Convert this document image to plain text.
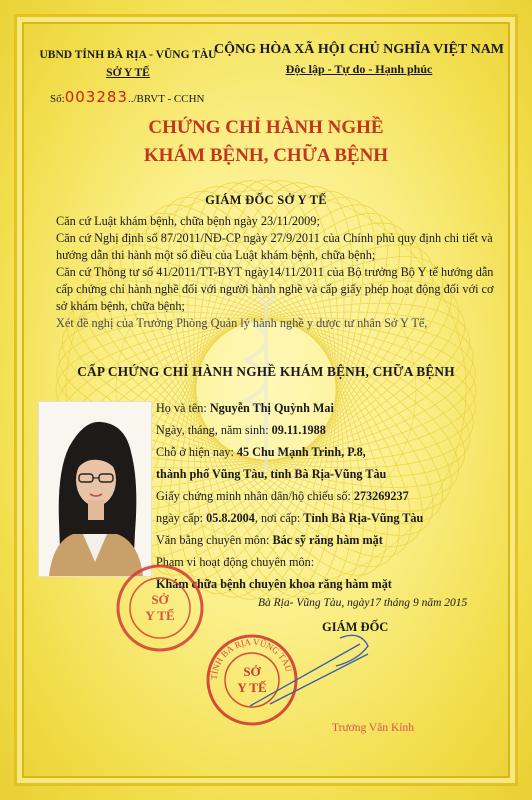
UBND TỈNH BÀ RỊA - VŨNG TÀU
SỞ Y TẾ
CỘNG HÒA XÃ HỘI CHỦ NGHĨA VIỆT NAM
Độc lập - Tự do - Hạnh phúc
Số:003283../BRVT - CCHN
CHỨNG CHỈ HÀNH NGHỀ
KHÁM BỆNH, CHỮA BỆNH
GIÁM ĐỐC SỞ Y TẾ

Căn cứ Luật khám bệnh, chữa bệnh ngày 23/11/2009;

Căn cứ Nghị định số 87/2011/NĐ-CP ngày 27/9/2011 của Chính phủ quy định chi tiết và hướng dẫn thi hành một số điều của Luật khám bệnh, chữa bệnh;

Căn cứ Thông tư số 41/2011/TT-BYT ngày14/11/2011 của Bộ trưởng Bộ Y tế hướng dẫn cấp chứng chỉ hành nghề đối với người hành nghề và cấp giấy phép hoạt động đối với cơ sở khám bệnh, chữa bệnh;

Xét đề nghị của Trưởng Phòng Quản lý hành nghề y dược tư nhân Sở Y Tế,

CẤP CHỨNG CHỈ HÀNH NGHỀ KHÁM BỆNH, CHỮA BỆNH
Họ và tên: Nguyễn Thị Quỳnh Mai
Ngày, tháng, năm sinh: 09.11.1988
Chỗ ở hiện nay: 45 Chu Mạnh Trinh, P.8,
thành phố Vũng Tàu, tỉnh Bà Rịa-Vũng Tàu
Giấy chứng minh nhân dân/hộ chiếu số: 273269237
ngày cấp: 05.8.2004, nơi cấp: Tỉnh Bà Rịa-Vũng Tàu
Văn bằng chuyên môn: Bác sỹ răng hàm mặt
Phạm vi hoạt động chuyên môn:
Khám chữa bệnh chuyên khoa răng hàm mặt
Bà Rịa- Vũng Tàu, ngày17 tháng 9 năm 2015
GIÁM ĐỐC
SỞ
Y TẾ
TỈNH BÀ RỊA VŨNG TÀU
SỞ
Y TẾ
Trương Văn Kính
